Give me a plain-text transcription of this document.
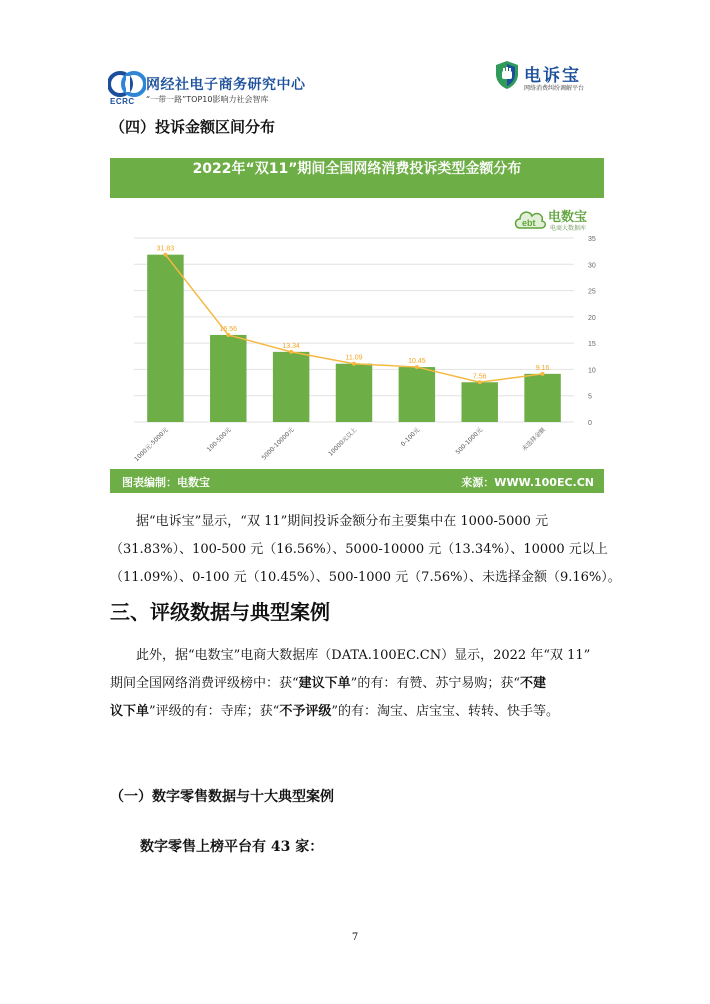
ECRC
网经社电子商务研究中心
“一带一路”TOP10影响力社会智库
电诉宝
网络消费纠纷调解平台
（四）投诉金额区间分布
2022年“双11”期间全国网络消费投诉类型金额分布
ebt 电数宝
电商大数据库
0
5
10
15
20
25
30
35
31.83
1000元-5000元
16.56
100-500元
13.34
5000-10000元
11.09
10000元以上
10.45
0-100元
7.56
500-1000元
9.16
未选择金额
图表编制：电数宝	来源：WWW.100EC.CN
据“电诉宝”显示，“双 11”期间投诉金额分布主要集中在 1000-5000 元
（31.83%）、100-500 元（16.56%）、5000-10000 元（13.34%）、10000 元以上
（11.09%）、0-100 元（10.45%）、500-1000 元（7.56%）、未选择金额（9.16%）。
三、评级数据与典型案例
此外，据“电数宝”电商大数据库（DATA.100EC.CN）显示，2022 年“双 11”
期间全国网络消费评级榜中：获“建议下单”的有：有赞、苏宁易购；获“不建
议下单”评级的有：寺库；获“不予评级”的有：淘宝、店宝宝、转转、快手等。
（一）数字零售数据与十大典型案例
数字零售上榜平台有 43 家：
7
